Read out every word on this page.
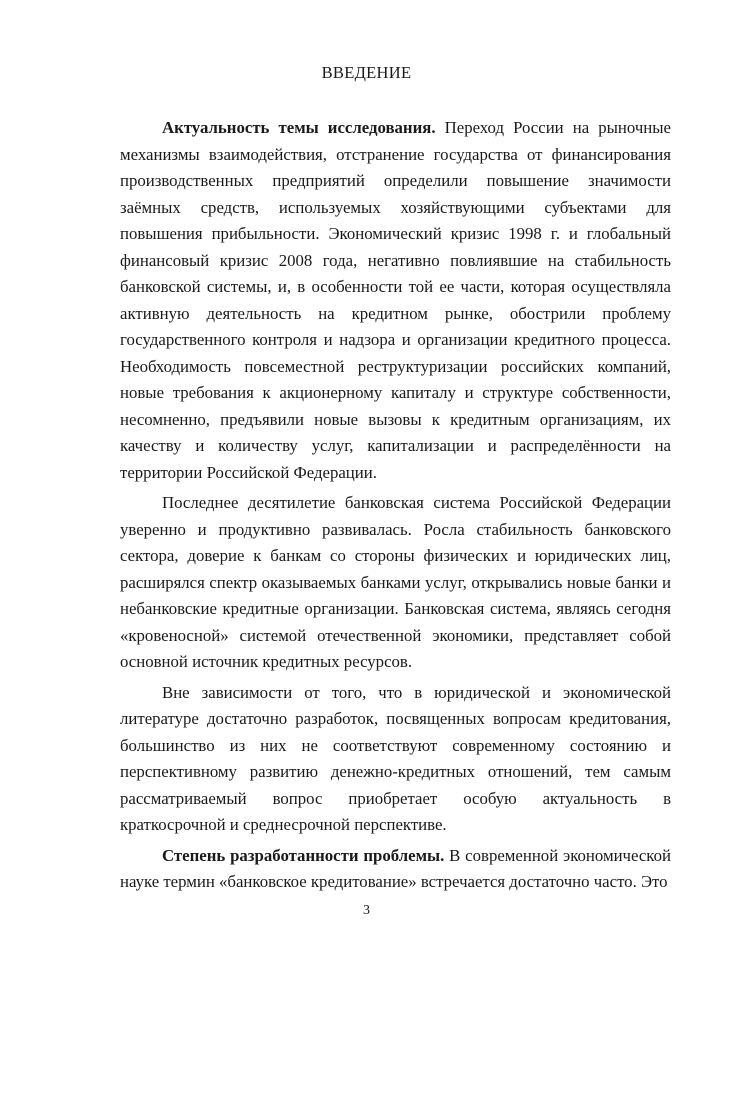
ВВЕДЕНИЕ

Актуальность темы исследования. Переход России на рыночные механизмы взаимодействия, отстранение государства от финансирования производственных предприятий определили повышение значимости заёмных средств, используемых хозяйствующими субъектами для повышения прибыльности. Экономический кризис 1998 г. и глобальный финансовый кризис 2008 года, негативно повлиявшие на стабильность банковской системы, и, в особенности той ее части, которая осуществляла активную деятельность на кредитном рынке, обострили проблему государственного контроля и надзора и организации кредитного процесса. Необходимость повсеместной реструктуризации российских компаний, новые требования к акционерному капиталу и структуре собственности, несомненно, предъявили новые вызовы к кредитным организациям, их качеству и количеству услуг, капитализации и распределённости на территории Российской Федерации.

Последнее десятилетие банковская система Российской Федерации уверенно и продуктивно развивалась. Росла стабильность банковского сектора, доверие к банкам со стороны физических и юридических лиц, расширялся спектр оказываемых банками услуг, открывались новые банки и небанковские кредитные организации. Банковская система, являясь сегодня «кровеносной» системой отечественной экономики, представляет собой основной источник кредитных ресурсов.

Вне зависимости от того, что в юридической и экономической литературе достаточно разработок, посвященных вопросам кредитования, большинство из них не соответствуют современному состоянию и перспективному развитию денежно-кредитных отношений, тем самым рассматриваемый вопрос приобретает особую актуальность в краткосрочной и среднесрочной перспективе.

Степень разработанности проблемы. В современной экономической науке термин «банковское кредитование» встречается достаточно часто. Это

3
